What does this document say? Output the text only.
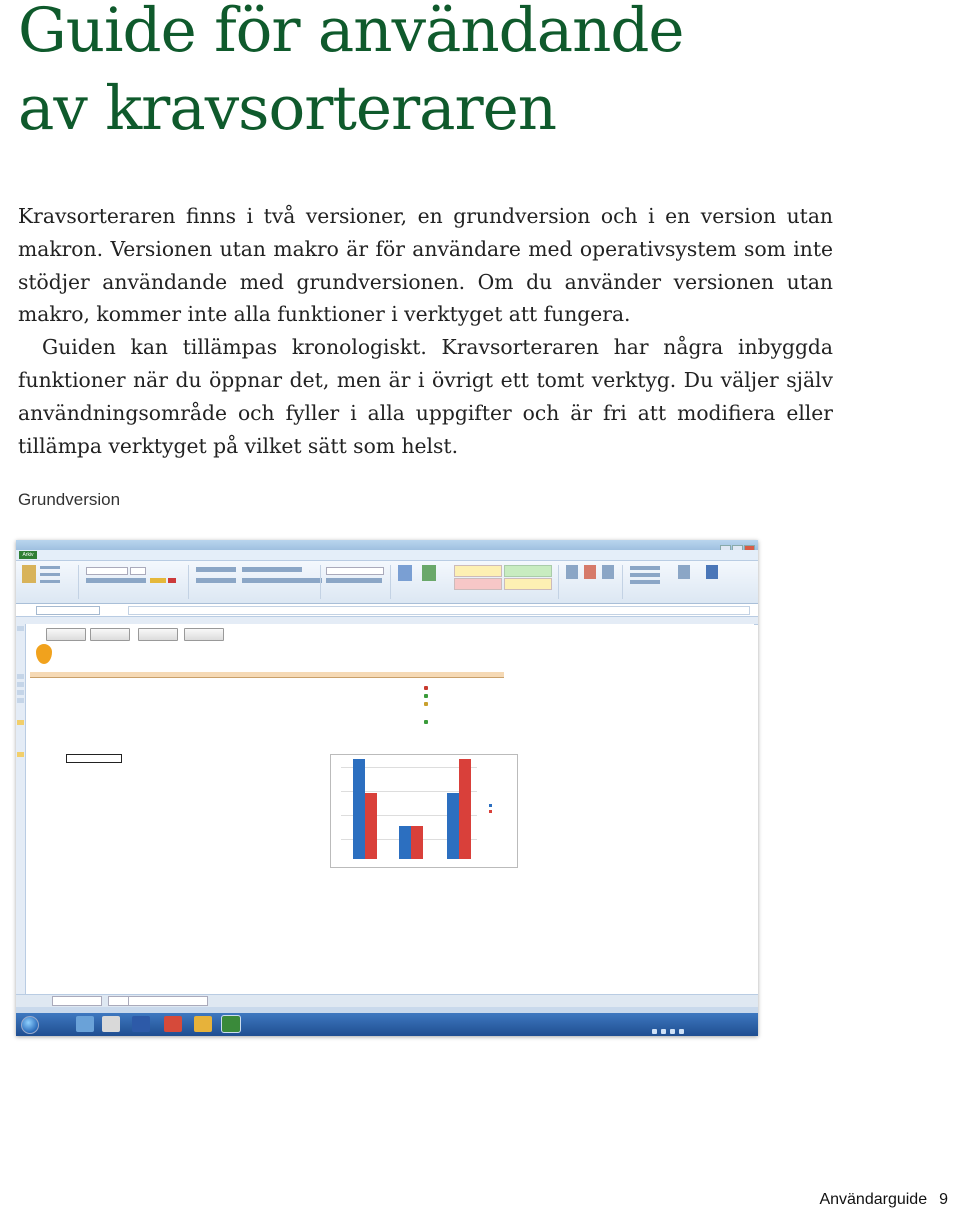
Guide för användande
av kravsorteraren

Kravsorteraren finns i två versioner, en grundversion och i en version utan makron. Versionen utan makro är för användare med operativsystem som inte stödjer användande med grundversionen. Om du använder versionen utan makro, kommer inte alla funktioner i verktyget att fungera.

Guiden kan tillämpas kronologiskt. Kravsorteraren har några inbyggda funktioner när du öppnar det, men är i övrigt ett tomt verktyg. Du väljer själv användningsområde och fyller i alla uppgifter och är fri att modifiera eller tillämpa verktyget på vilket sätt som helst.

Grundversion
Arkiv
Användarguide 9
